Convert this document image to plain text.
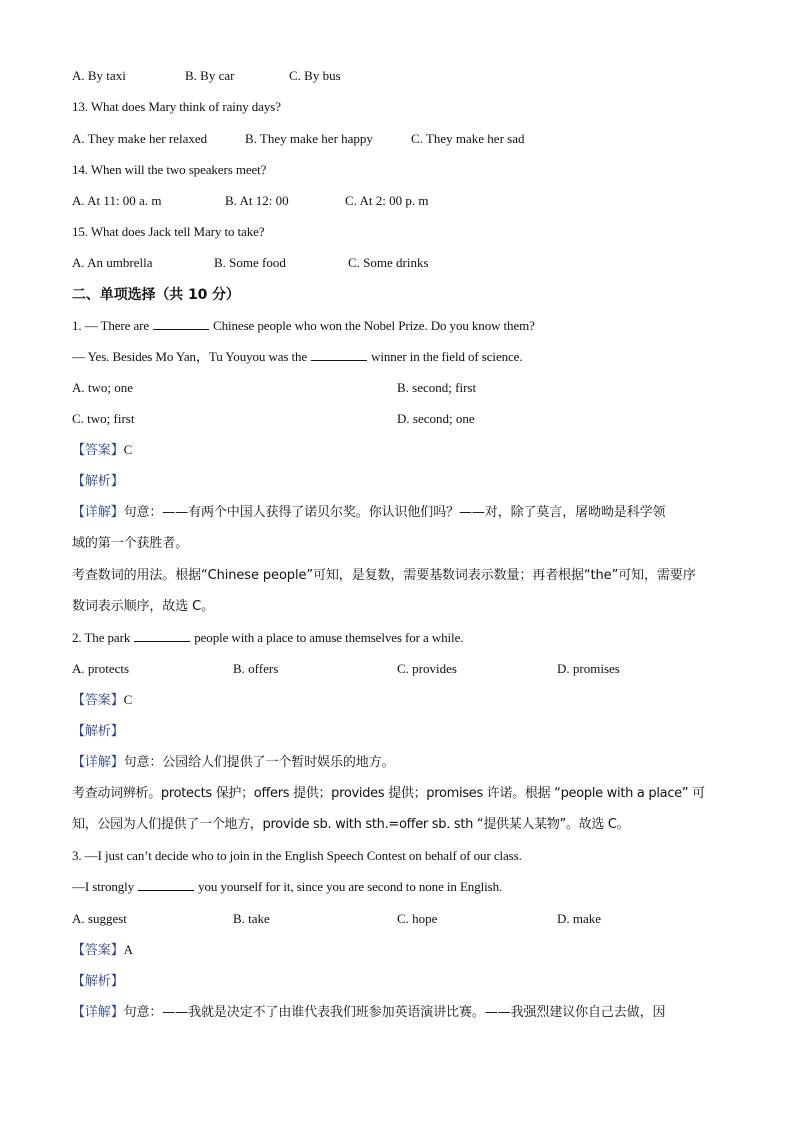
A. By taxi	B. By car	C. By bus
13. What does Mary think of rainy days?
A. They make her relaxed	B. They make her happy	C. They make her sad
14. When will the two speakers meet?
A. At 11: 00 a. m	B. At 12: 00	C. At 2: 00 p. m
15. What does Jack tell Mary to take?
A. An umbrella	B. Some food	C. Some drinks
二、单项选择（共 10 分）
1. — There are	Chinese people who won the Nobel Prize. Do you know them?
— Yes. Besides Mo Yan，Tu Youyou was the	winner in the field of science.
A. two; one	B. second; first
C. two; first	D. second; one
【答案】C
【解析】
【详解】句意：——有两个中国人获得了诺贝尔奖。你认识他们吗？——对，除了莫言，屠呦呦是科学领
域的第一个获胜者。
考查数词的用法。根据“Chinese people”可知，是复数，需要基数词表示数量；再者根据“the”可知，需要序
数词表示顺序，故选 C。
2. The park	people with a place to amuse themselves for a while.
A. protects	B. offers	C. provides	D. promises
【答案】C
【解析】
【详解】句意：公园给人们提供了一个暂时娱乐的地方。
考查动词辨析。protects 保护；offers 提供；provides 提供；promises 许诺。根据 “people with a place” 可
知，公园为人们提供了一个地方，provide sb. with sth.=offer sb. sth “提供某人某物”。故选 C。
3. —I just can’t decide who to join in the English Speech Contest on behalf of our class.
—I strongly	you yourself for it, since you are second to none in English.
A. suggest	B. take	C. hope	D. make
【答案】A
【解析】
【详解】句意：——我就是决定不了由谁代表我们班参加英语演讲比赛。——我强烈建议你自己去做，因
